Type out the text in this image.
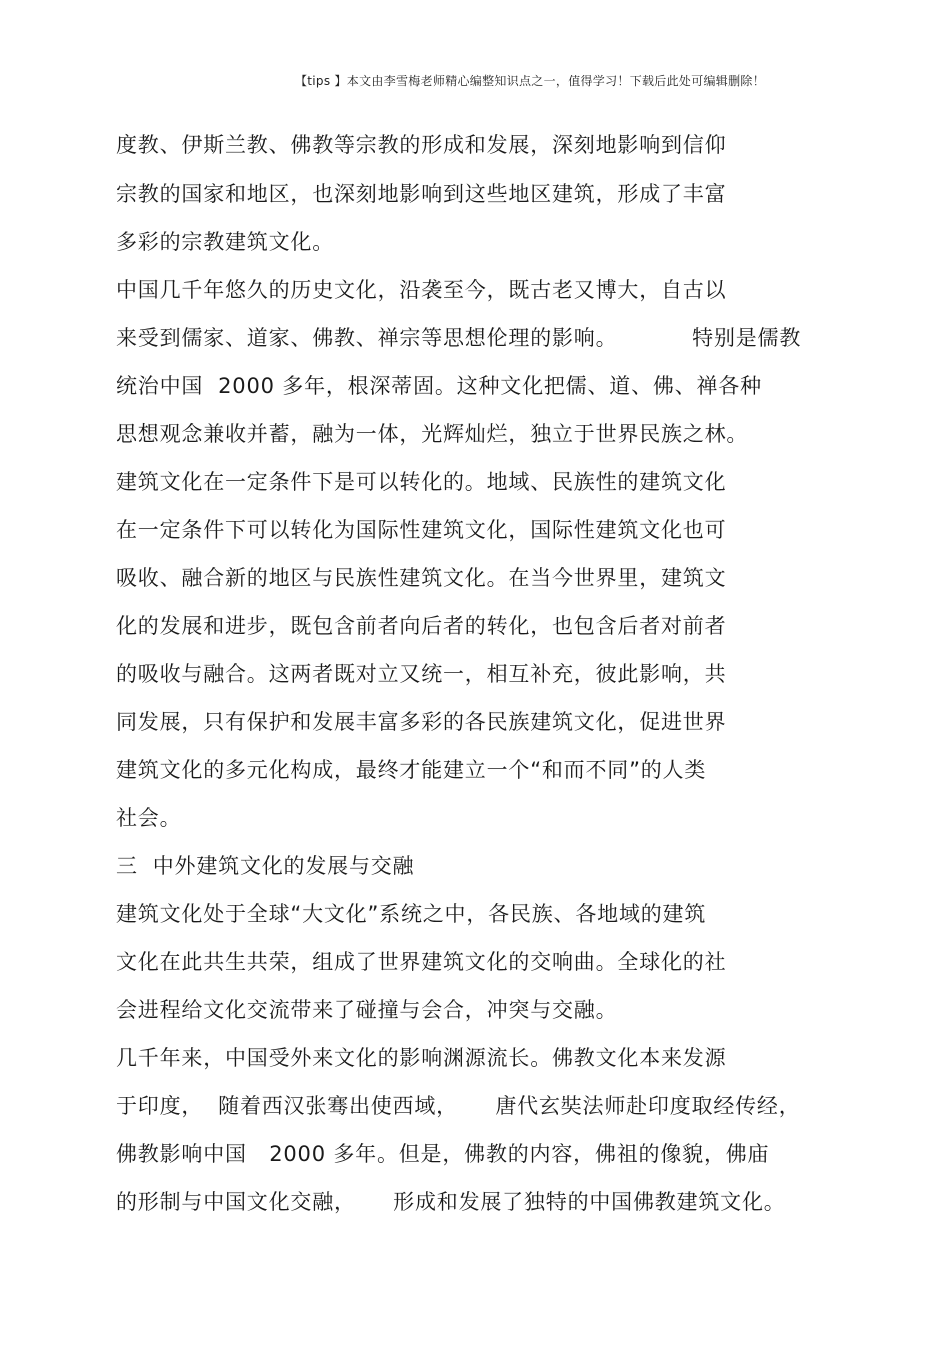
【tips 】本文由李雪梅老师精心编整知识点之一，值得学习！下载后此处可编辑删除！
度教、伊斯兰教、佛教等宗教的形成和发展，深刻地影响到信仰
宗教的国家和地区，也深刻地影响到这些地区建筑，形成了丰富
多彩的宗教建筑文化。
中国几千年悠久的历史文化，沿袭至今，既古老又博大，自古以
来受到儒家、道家、佛教、禅宗等思想伦理的影响。          特别是儒教
统治中国  2000 多年，根深蒂固。这种文化把儒、道、佛、禅各种
思想观念兼收并蓄，融为一体，光辉灿烂，独立于世界民族之林。
建筑文化在一定条件下是可以转化的。地域、民族性的建筑文化
在一定条件下可以转化为国际性建筑文化，国际性建筑文化也可
吸收、融合新的地区与民族性建筑文化。在当今世界里，建筑文
化的发展和进步，既包含前者向后者的转化，也包含后者对前者
的吸收与融合。这两者既对立又统一，相互补充，彼此影响，共
同发展，只有保护和发展丰富多彩的各民族建筑文化，促进世界
建筑文化的多元化构成，最终才能建立一个“和而不同”的人类
社会。
三  中外建筑文化的发展与交融
建筑文化处于全球“大文化”系统之中，各民族、各地域的建筑
文化在此共生共荣，组成了世界建筑文化的交响曲。全球化的社
会进程给文化交流带来了碰撞与会合，冲突与交融。
几千年来，中国受外来文化的影响渊源流长。佛教文化本来发源
于印度，  随着西汉张骞出使西域，     唐代玄奘法师赴印度取经传经，
佛教影响中国   2000 多年。但是，佛教的内容，佛祖的像貌，佛庙
的形制与中国文化交融，     形成和发展了独特的中国佛教建筑文化。
